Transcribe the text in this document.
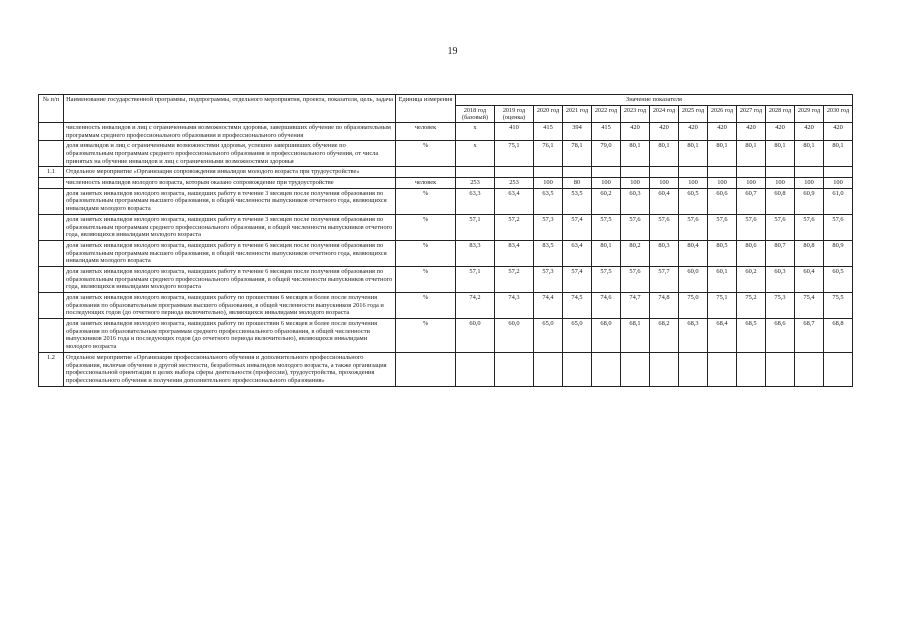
19
№ п/п	Наименование государственной программы, подпрограммы, отдельного мероприятия, проекта, показателя, цель, задача	Единица измерения	Значение показателя												
			2018 год (базовый)	2019 год (оценка)	2020 год	2021 год	2022 год	2023 год	2024 год	2025 год	2026 год	2027 год	2028 год	2029 год	2030 год
	численность инвалидов и лиц с ограниченными возможностями здоровья, завершивших обучение по образовательным программам среднего профессионального образования и профессионального обучения	человек	x	410	415	394	415	420	420	420	420	420	420	420	420
	доля инвалидов и лиц с ограниченными возможностями здоровья, успешно завершивших обучение по образовательным программам среднего профессионального образования и профессионального обучения, от числа принятых на обучение инвалидов и лиц с ограниченными возможностями здоровья	%	x	75,1	76,1	78,1	79,0	80,1	80,1	80,1	80,1	80,1	80,1	80,1	80,1
1.1	Отдельное мероприятие «Организация сопровождения инвалидов молодого возраста при трудоустройстве»														
	численность инвалидов молодого возраста, которым оказано сопровождение при трудоустройстве	человек	253	253	100	80	100	100	100	100	100	100	100	100	100
	доля занятых инвалидов молодого возраста, нашедших работу в течение 3 месяцев после получения образования по образовательным программам высшего образования, в общей численности выпускников отчетного года, являющихся инвалидами молодого возраста	%	63,3	63,4	63,5	53,5	60,2	60,3	60,4	60,5	60,6	60,7	60,8	60,9	61,0
	доля занятых инвалидов молодого возраста, нашедших работу в течение 3 месяцев после получения образования по образовательным программам среднего профессионального образования, в общей численности выпускников отчетного года, являющихся инвалидами молодого возраста	%	57,1	57,2	57,3	57,4	57,5	57,6	57,6	57,6	57,6	57,6	57,6	57,6	57,6
	доля занятых инвалидов молодого возраста, нашедших работу в течение 6 месяцев после получения образования по образовательным программам высшего образования, в общей численности выпускников отчетного года, являющихся инвалидами молодого возраста	%	83,3	83,4	83,5	63,4	80,1	80,2	80,3	80,4	80,5	80,6	80,7	80,8	80,9
	доля занятых инвалидов молодого возраста, нашедших работу в течение 6 месяцев после получения образования по образовательным программам среднего профессионального образования, в общей численности выпускников отчетного года, являющихся инвалидами молодого возраста	%	57,1	57,2	57,3	57,4	57,5	57,6	57,7	60,0	60,1	60,2	60,3	60,4	60,5
	доля занятых инвалидов молодого возраста, нашедших работу по прошествии 6 месяцев и более после получения образования по образовательным программам высшего образования, в общей численности выпускников 2016 года и последующих годов (до отчетного периода включительно), являющихся инвалидами молодого возраста	%	74,2	74,3	74,4	74,5	74,6	74,7	74,8	75,0	75,1	75,2	75,3	75,4	75,5
	доля занятых инвалидов молодого возраста, нашедших работу по прошествии 6 месяцев и более после получения образования по образовательным программам среднего профессионального образования, в общей численности выпускников 2016 года и последующих годов (до отчетного периода включительно), являющихся инвалидами молодого возраста	%	60,0	60,0	65,0	65,0	68,0	68,1	68,2	68,3	68,4	68,5	68,6	68,7	68,8
1.2	Отдельное мероприятие «Организация профессионального обучения и дополнительного профессионального образования, включая обучение в другой местности, безработных инвалидов молодого возраста, а также организация профессиональной ориентации в целях выбора сферы деятельности (профессии), трудоустройства, прохождения профессионального обучения и получения дополнительного профессионального образования»														
